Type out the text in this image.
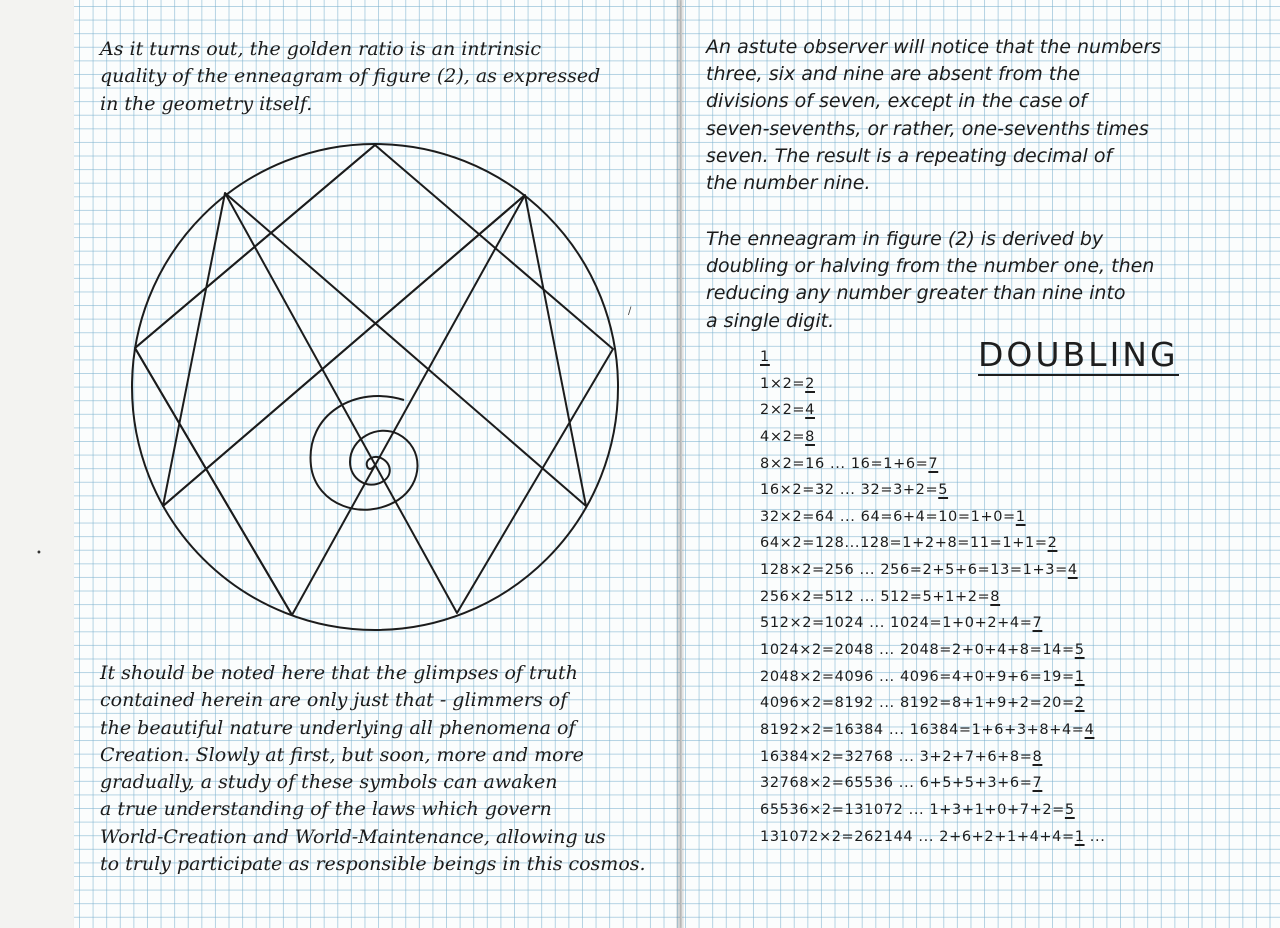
As it turns out, the golden ratio is an intrinsic
quality of the enneagram of figure (2), as expressed
in the geometry itself.

It should be noted here that the glimpses of truth
contained herein are only just that - glimmers of
the beautiful nature underlying all phenomena of
Creation. Slowly at first, but soon, more and more
gradually, a study of these symbols can awaken
a true understanding of the laws which govern
World-Creation and World-Maintenance, allowing us
to truly participate as responsible beings in this cosmos.

An astute observer will notice that the numbers
three, six and nine are absent from the
divisions of seven, except in the case of
seven-sevenths, or rather, one-sevenths times
seven. The result is a repeating decimal of
the number nine.

The enneagram in figure (2) is derived by
doubling or halving from the number one, then
reducing any number greater than nine into
a single digit.

DOUBLING
1
1×2=2
2×2=4
4×2=8
8×2=16 ... 16=1+6=7
16×2=32 ... 32=3+2=5
32×2=64 ... 64=6+4=10=1+0=1
64×2=128...128=1+2+8=11=1+1=2
128×2=256 ... 256=2+5+6=13=1+3=4
256×2=512 ... 512=5+1+2=8
512×2=1024 ... 1024=1+0+2+4=7
1024×2=2048 ... 2048=2+0+4+8=14=5
2048×2=4096 ... 4096=4+0+9+6=19=1
4096×2=8192 ... 8192=8+1+9+2=20=2
8192×2=16384 ... 16384=1+6+3+8+4=4
16384×2=32768 ... 3+2+7+6+8=8
32768×2=65536 ... 6+5+5+3+6=7
65536×2=131072 ... 1+3+1+0+7+2=5
131072×2=262144 ... 2+6+2+1+4+4=1 ...
/
•
